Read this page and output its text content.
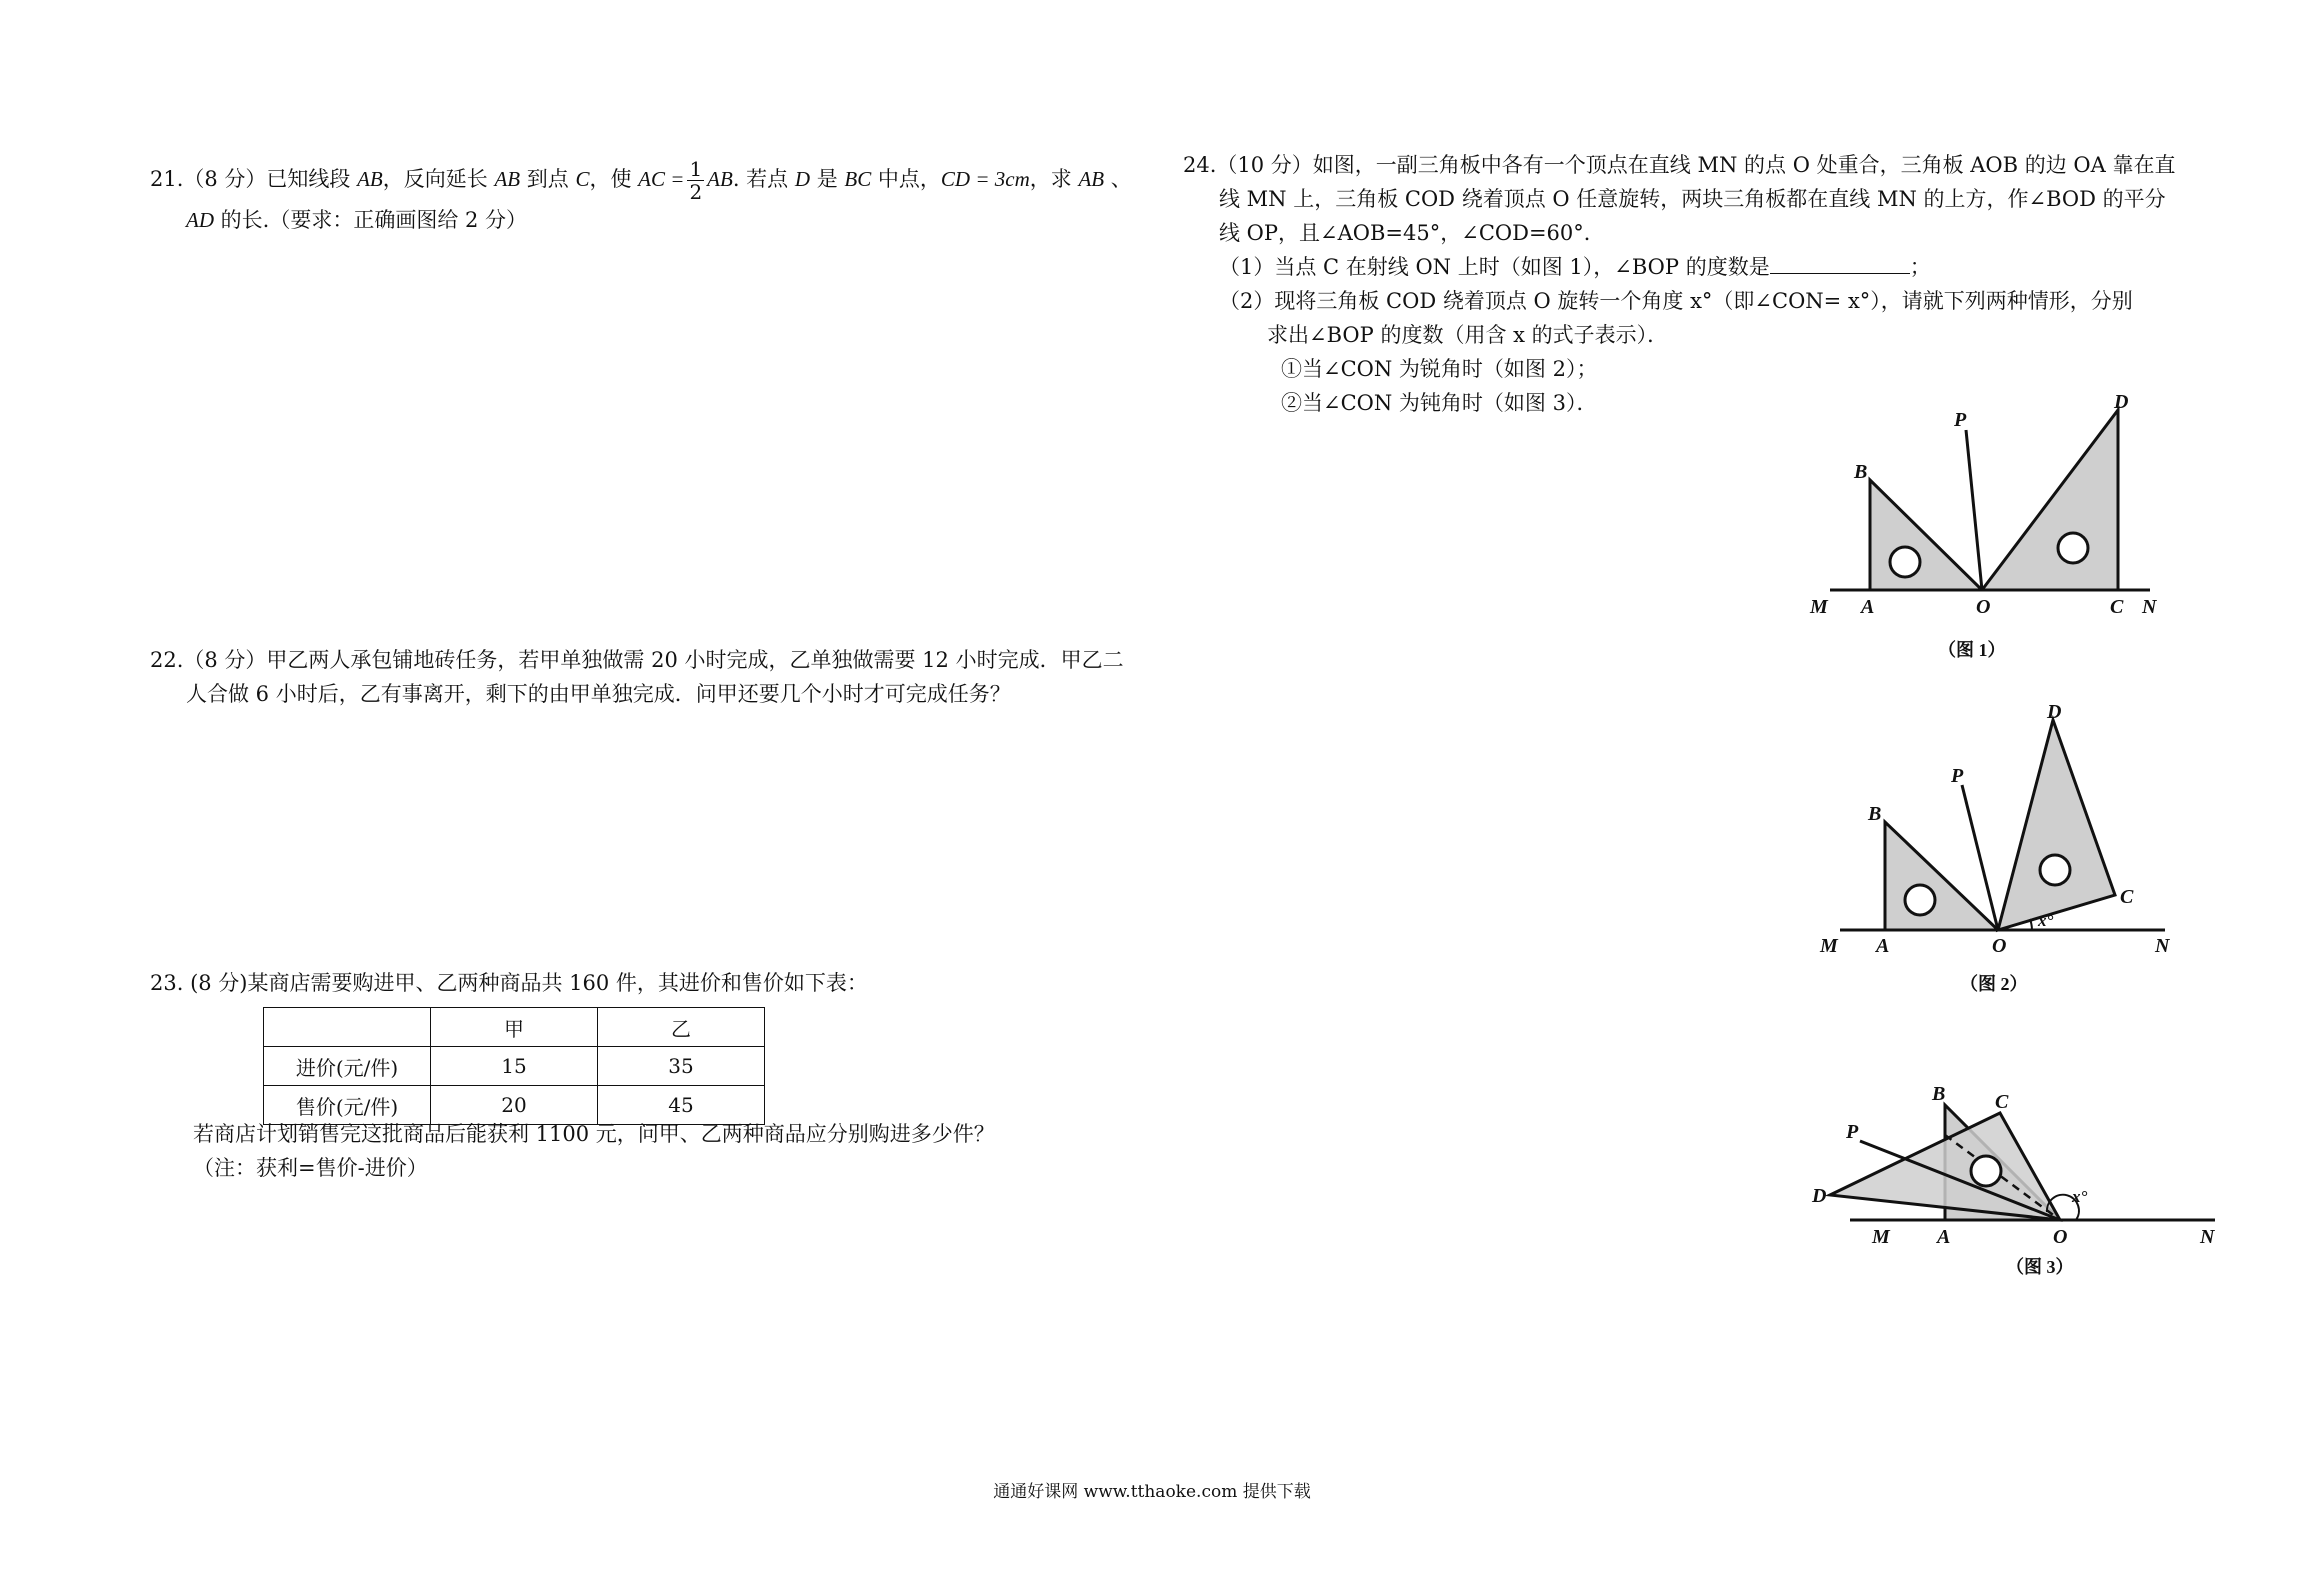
21.（8 分）已知线段 AB，反向延长 AB 到点 C，使 AC = $\frac{1}{2}$ AB. 若点 D 是 BC 中点，CD = 3cm，求 AB 、

AD 的长.（要求：正确画图给 2 分）

22.（8 分）甲乙两人承包铺地砖任务，若甲单独做需 20 小时完成，乙单独做需要 12 小时完成．甲乙二

人合做 6 小时后，乙有事离开，剩下的由甲单独完成．问甲还要几个小时才可完成任务？

23. (8 分)某商店需要购进甲、乙两种商品共 160 件，其进价和售价如下表：

	甲	乙
进价(元/件)	15	35
售价(元/件)	20	45

若商店计划销售完这批商品后能获利 1100 元，问甲、乙两种商品应分别购进多少件？

（注：获利=售价-进价）

24.（10 分）如图，一副三角板中各有一个顶点在直线 MN 的点 O 处重合，三角板 AOB 的边 OA 靠在直

线 MN 上，三角板 COD 绕着顶点 O 任意旋转，两块三角板都在直线 MN 的上方，作∠BOD 的平分

线 OP，且∠AOB=45°，∠COD=60°．

（1）当点 C 在射线 ON 上时（如图 1），∠BOP 的度数是	；

（2）现将三角板 COD 绕着顶点 O 旋转一个角度 x°（即∠CON= x°），请就下列两种情形，分别

求出∠BOP 的度数（用含 x 的式子表示）．

①当∠CON 为锐角时（如图 2）；

②当∠CON 为钝角时（如图 3）．

M A	O	C N
B
P
D
（图 1）
M A	O	N
B
P
D
C
x°
（图 2）
M A	O	N
B C
P
D	x°
（图 3）
通通好课网 www.tthaoke.com 提供下载
